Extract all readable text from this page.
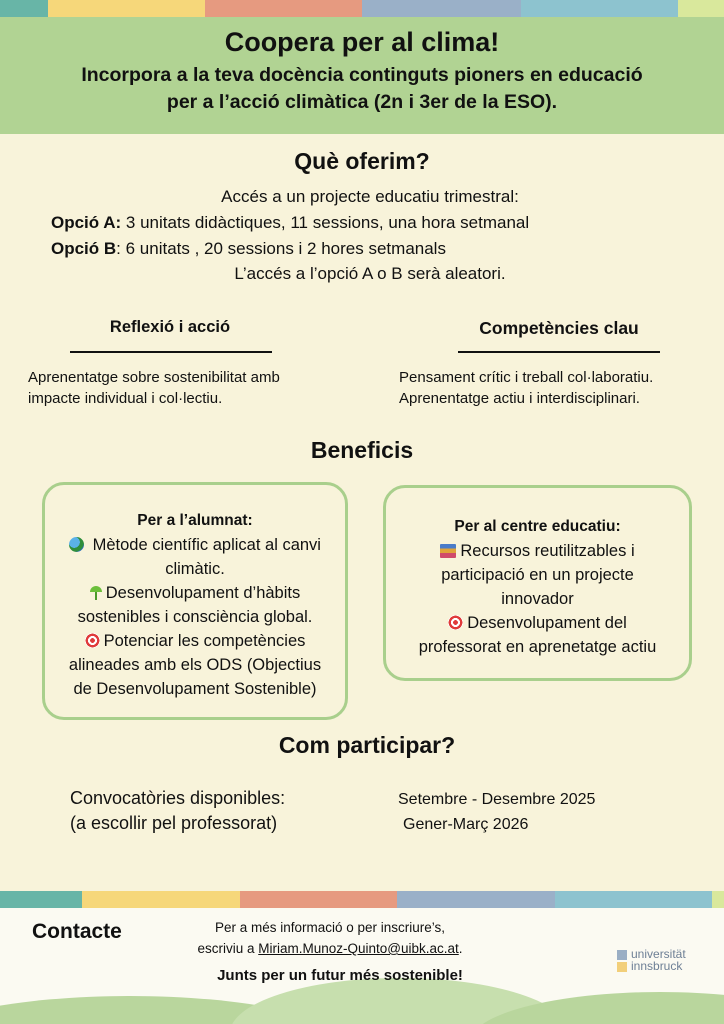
Coopera per al clima!
Incorpora a la teva docència continguts pioners en educació
per a l’acció climàtica (2n i 3er de la ESO).
Què oferim?
Accés a un projecte educatiu trimestral:
Opció A: 3 unitats didàctiques, 11 sessions, una hora setmanal
Opció B: 6 unitats , 20 sessions i 2 hores setmanals
L’accés a l’opció A o B serà aleatori.
Reflexió i acció
Aprenentatge sobre sostenibilitat amb
impacte individual i col·lectiu.
Competències clau
Pensament crític i treball col·laboratiu.
Aprenentatge actiu i interdisciplinari.
Beneficis
Per a l’alumnat:
Mètode científic aplicat al canvi
climàtic.
Desenvolupament d’hàbits
sostenibles i consciència global.
Potenciar les competències
alineades amb els ODS (Objectius
de Desenvolupament Sostenible)
Per al centre educatiu:
Recursos reutilitzables i
participació en un projecte
innovador
Desenvolupament del
professorat en aprenetatge actiu
Com participar?
Convocatòries disponibles:
(a escollir pel professorat)
Setembre - Desembre 2025
Gener-Març 2026
Contacte	Per a més informació o per inscriure’s,
escriviu a Miriam.Munoz-Quinto@uibk.ac.at.
Junts per un futur més sostenible!
universität
innsbruck
